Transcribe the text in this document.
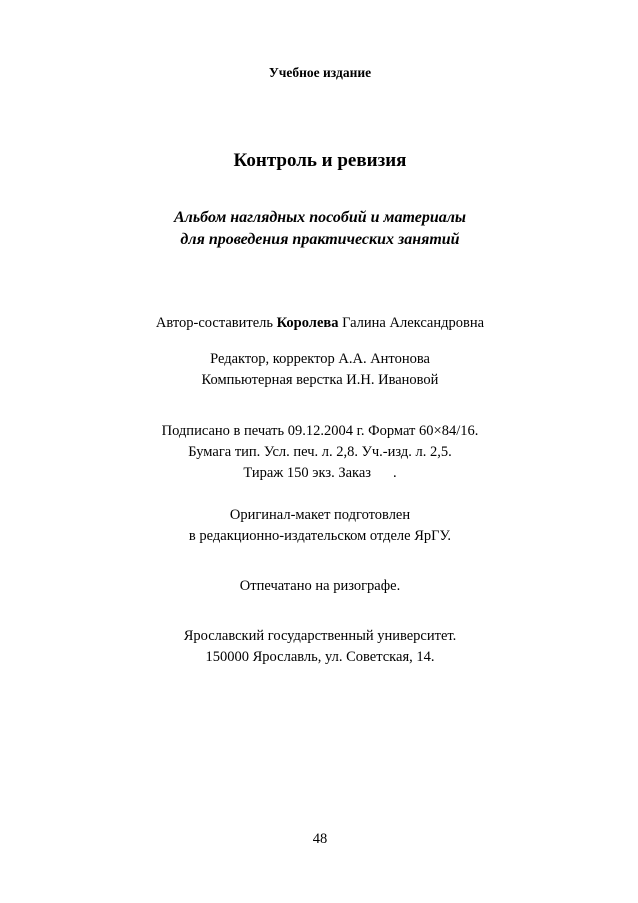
Учебное издание
Контроль и ревизия
Альбом наглядных пособий и материалы
для проведения практических занятий
Автор-составитель Королева Галина Александровна
Редактор, корректор А.А. Антонова
Компьютерная верстка И.Н. Ивановой
Подписано в печать 09.12.2004 г. Формат 60×84/16.
Бумага тип. Усл. печ. л. 2,8. Уч.-изд. л. 2,5.
Тираж 150 экз. Заказ .
Оригинал-макет подготовлен
в редакционно-издательском отделе ЯрГУ.
Отпечатано на ризографе.
Ярославский государственный университет.
150000 Ярославль, ул. Советская, 14.
48
